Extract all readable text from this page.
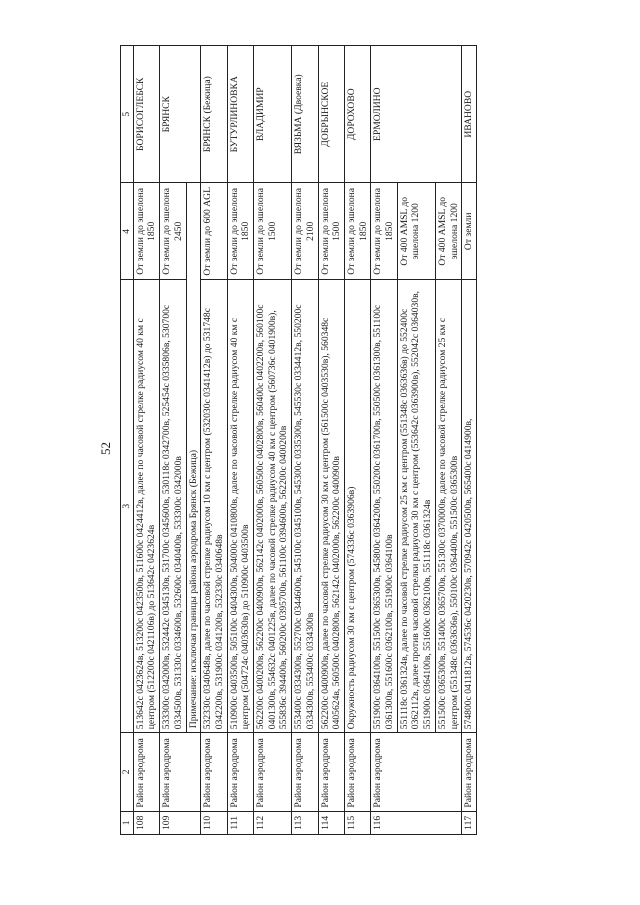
52
1	2	3	4	5
108	Район аэродрома	513642с 0423624в, 513200с 0423500в, 511600с 0424412в, далее по часовой стрелке радиусом 40 км с центром (512200с 0421106в) до 513642с 0423624в	От земли до эшелона 1850	БОРИСОГЛЕБСК
109	Район аэродрома	533300с 0342000в, 532442с 0345130в, 531700с 0345600в, 530118с 0342700в, 525454с 0335806в, 530700с 0334500в, 531330с 0334600в, 532600с 0340400в, 533300с 0342000в	От земли до эшелона 2450	БРЯНСК
		Примечание: исключая границы района аэродрома Брянск (Бежица)		
110	Район аэродрома	532330с 0340648в, далее по часовой стрелке радиусом 10 км с центром (532030с 0341412в) до 531748с 0342200в, 531900с 0341200в, 532330с 0340648в	От земли до 600 AGL	БРЯНСК (Бежица)
111	Район аэродрома	510900с 0403500в, 505100с 0404300в, 504000с 0410800в, далее по часовой стрелке радиусом 40 км с центром (504724с 0403630в) до 510900с 0403500в	От земли до эшелона 1850	БУТУРЛИНОВКА
112	Район аэродрома	562200с 0400200в, 562200с 0400900в, 562142с 0402000в, 560500с 0402800в, 560400с 0402200в, 560100с 0401300в, 554632с 0401225в, далее по часовой стрелке радиусом 40 км с центром (560736с 0401900в), 555836с 394400в, 560200с 0395700в, 561100с 0394600в, 562200с 0400200в	От земли до эшелона 1500	ВЛАДИМИР
113	Район аэродрома	553400с 0334300в, 552700с 0344600в, 545100с 0345100в, 545300с 0335300в, 545530с 0334412в, 550200с 0334300в, 553400с 0334300в	От земли до эшелона 2100	ВЯЗЬМА (Двоевка)
114	Район аэродрома	562200с 0400900в, далее по часовой стрелке радиусом 30 км с центром (561500с 0403530в), 560348с 0405624в, 560500с 0402800в, 562142с 0402000в, 562200с 0400900в	От земли до эшелона 1500	ДОБРЫНСКОЕ
115	Район аэродрома	Окружность радиусом 30 км с центром (574336с 0363906в)	От земли до эшелона 1850	ДОРОХОВО
116	Район аэродрома	551900с 0364100в, 551500с 0365300в, 545800с 0364200в, 550200с 0361700в, 550500с 0361300в, 551100с 0361300в, 551600с 0362100в, 551900с 0364100в	От земли до эшелона 1850	ЕРМОЛИНО
		551118с 0361324в, далее по часовой стрелке радиусом 25 км с центром (551348с 0363636в) до 552400с 0362112в, далее против часовой стрелки радиусом 30 км с центром (553642с 0363900в), 552042с 0364030в, 551900с 0364100в, 551600с 0362100в, 551118с 0361324в	От 400 AMSL до эшелона 1200	
		551500с 0365300в, 551400с 0365700в, 551300с 0370000в, далее по часовой стрелке радиусом 25 км с центром (551348с 0363636в), 550100с 0364400в, 551500с 0365300в	От 400 AMSL до эшелона 1200	
117	Район аэродрома	574800с 0411812в, 574536с 0420230в, 570942с 0420500в, 565400с 0414900в,	От земли	ИВАНОВО
